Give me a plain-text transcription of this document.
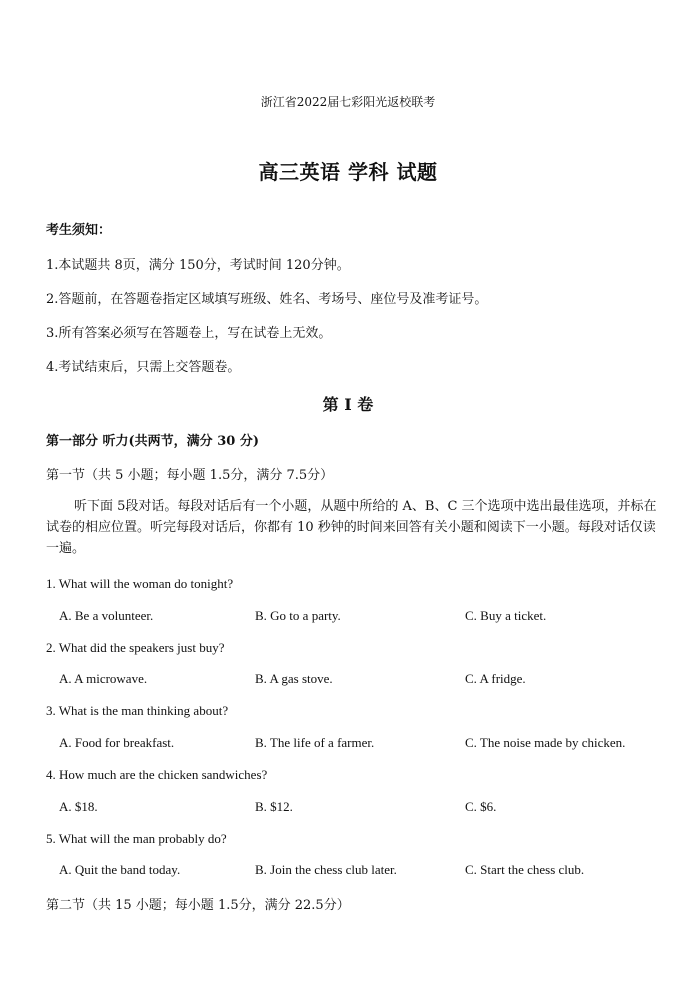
浙江省2022届七彩阳光返校联考
高三英语 学科 试题
考生须知：
1.本试题共 8页，满分 150分，考试时间 120分钟。
2.答题前，在答题卷指定区域填写班级、姓名、考场号、座位号及准考证号。
3.所有答案必须写在答题卷上，写在试卷上无效。
4.考试结束后，只需上交答题卷。
第 I 卷
第一部分 听力(共两节，满分 30 分)
第一节（共 5 小题；每小题 1.5分，满分 7.5分）
听下面 5段对话。每段对话后有一个小题，从题中所给的 A、B、C 三个选项中选出最佳选项，并标在试卷的相应位置。听完每段对话后，你都有 10 秒钟的时间来回答有关小题和阅读下一小题。每段对话仅读一遍。
1. What will the woman do tonight?
A. Be a volunteer.	B. Go to a party.	C. Buy a ticket.
2. What did the speakers just buy?
A. A microwave.	B. A gas stove.	C. A fridge.
3. What is the man thinking about?
A. Food for breakfast.	B. The life of a farmer.	C. The noise made by chicken.
4. How much are the chicken sandwiches?
A. $18.	B. $12.	C. $6.
5. What will the man probably do?
A. Quit the band today.	B. Join the chess club later.	C. Start the chess club.
第二节（共 15 小题；每小题 1.5分，满分 22.5分）
